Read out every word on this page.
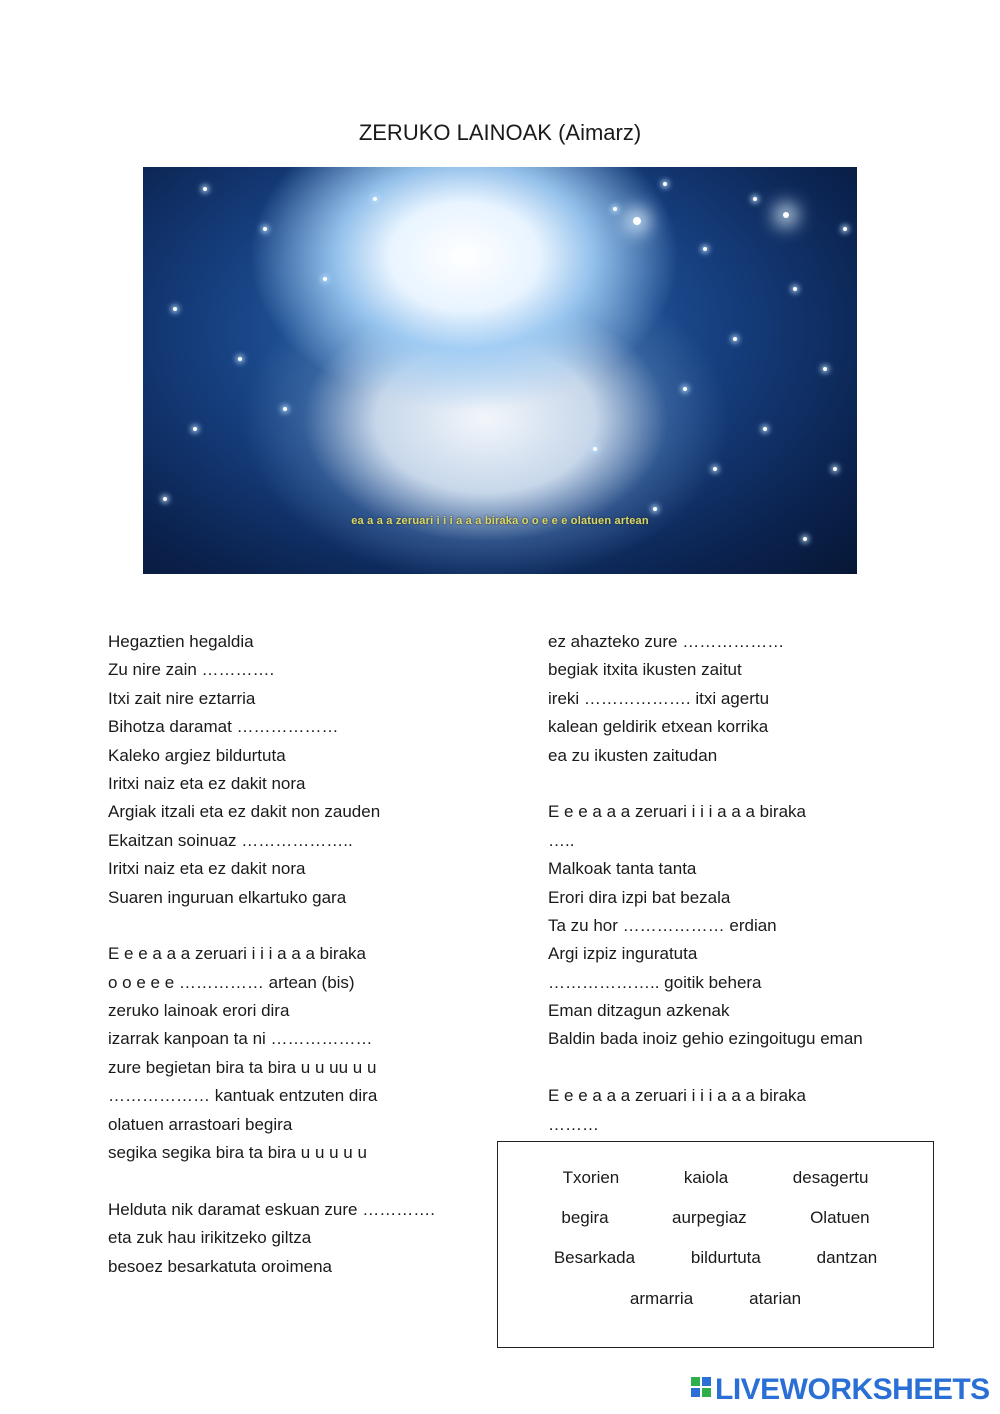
ZERUKO LAINOAK (Aimarz)
ea a a a zeruari i i i a a a biraka o o e e e olatuen artean
Hegaztien hegaldia
Zu nire zain ………….
Itxi zait nire eztarria
Bihotza daramat ………………
Kaleko argiez bildurtuta
Iritxi naiz eta ez dakit nora
Argiak itzali eta ez dakit non zauden
Ekaitzan soinuaz ………………..
Iritxi naiz eta ez dakit nora
Suaren inguruan elkartuko gara
E e e a a a zeruari i i i a a a biraka
o o e e e …………… artean (bis)
zeruko lainoak erori dira
izarrak kanpoan ta ni ………………
zure begietan bira ta bira u u uu u u
……………… kantuak entzuten dira
olatuen arrastoari begira
segika segika bira ta bira u u u u u
Helduta nik daramat eskuan zure ………….
eta zuk hau irikitzeko giltza
besoez besarkatuta oroimena
ez ahazteko zure ………………
begiak itxita ikusten zaitut
ireki ………………. itxi agertu
kalean geldirik etxean korrika
ea zu ikusten zaitudan
E e e a a a zeruari i i i a a a biraka
…..
Malkoak tanta tanta
Erori dira izpi bat bezala
Ta zu hor ……………… erdian
Argi izpiz inguratuta
……………….. goitik behera
Eman ditzagun azkenak
Baldin bada inoiz gehio ezingoitugu eman
E e e a a a zeruari i i i a a a biraka
………
Txorien	kaiola	desagertu
begira	aurpegiaz	Olatuen
Besarkada	bildurtuta	dantzan
armarria	atarian
LIVEWORKSHEETS
